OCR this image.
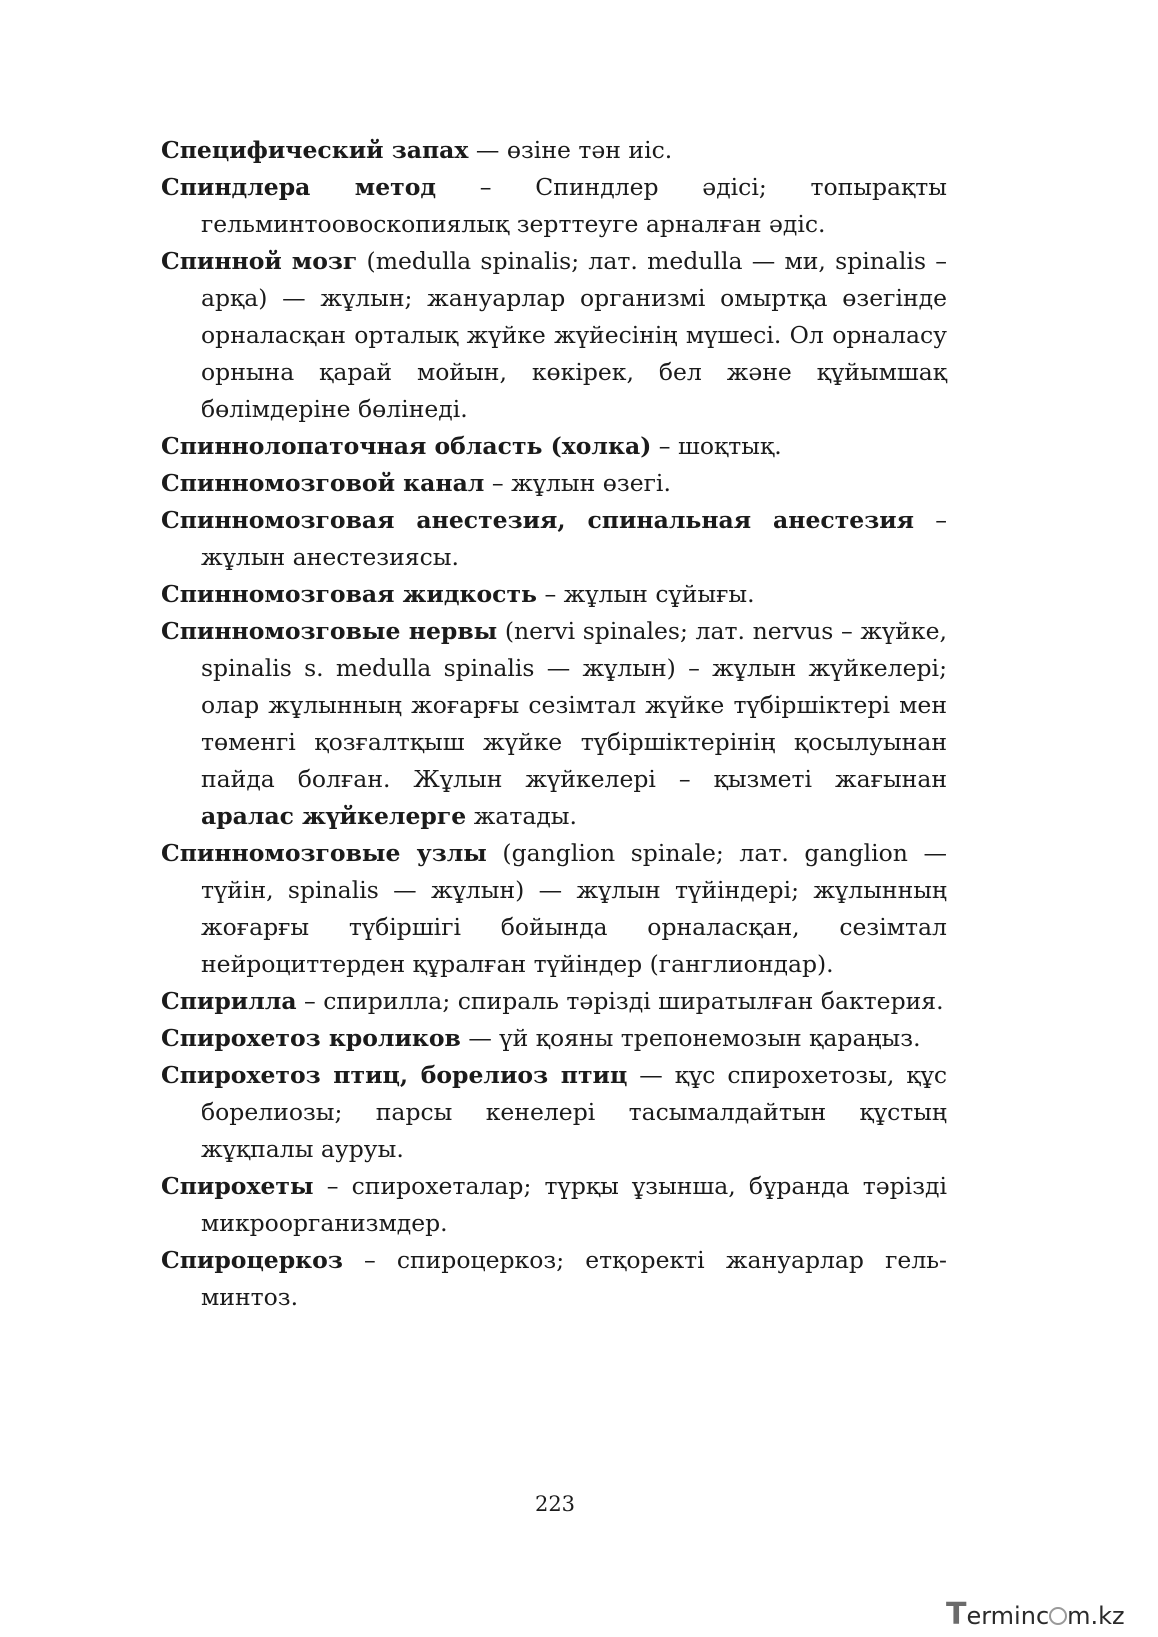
Специфический запах — өзіне тән иіс.

Спиндлера метод – Спиндлер әдісі; топырақты гельминтоовоскопиялық зерттеуге арналған әдіс.

Спинной мозг (medulla spinalis; лат. medulla — ми, spinalis – арқа) — жұлын; жануарлар организмі омыртқа өзегінде орналасқан орталық жүйке жүйесінің мүшесі. Ол орналасу орнына қарай мойын, көкірек, бел және құйымшақ бөлімдеріне бөлінеді.

Спиннолопаточная область (холка) – шоқтық.

Спинномозговой канал – жұлын өзегі.

Спинномозговая анестезия, спинальная анестезия – жұлын анестезиясы.

Спинномозговая жидкость – жұлын сұйығы.

Спинномозговые нервы (nervi spinales; лат. nervus – жүйке, spinalis s. medulla spinalis — жұлын) – жұлын жүйкелері; олар жұлынның жоғарғы сезімтал жүйке түбіршіктері мен төменгі қозғалтқыш жүйке түбіршіктерінің қосылуынан пайда болған. Жұлын жүйкелері – қызметі жағынан аралас жүйкелерге жатады.

Спинномозговые узлы (ganglion spinale; лат. ganglion — түйін, spinalis — жұлын) — жұлын түйіндері; жұлынның жоғарғы түбіршігі бойында орналасқан, сезімтал нейроциттерден құралған түйіндер (ганглиондар).

Спирилла – спирилла; спираль тәрізді ширатылған бактерия.

Спирохетоз кроликов — үй қояны трепонемозын қараңыз.

Спирохетоз птиц, борелиоз птиц — құс спирохетозы, құс борелиозы; парсы кенелері тасымалдайтын құстың жұқпалы ауруы.

Спирохеты – спирохеталар; түрқы ұзынша, бұранда тәрізді микроорганизмдер.

Спироцеркоз – спироцеркоз; етқоректі жануарлар гельминтоз.

223
Terminc m.kz
